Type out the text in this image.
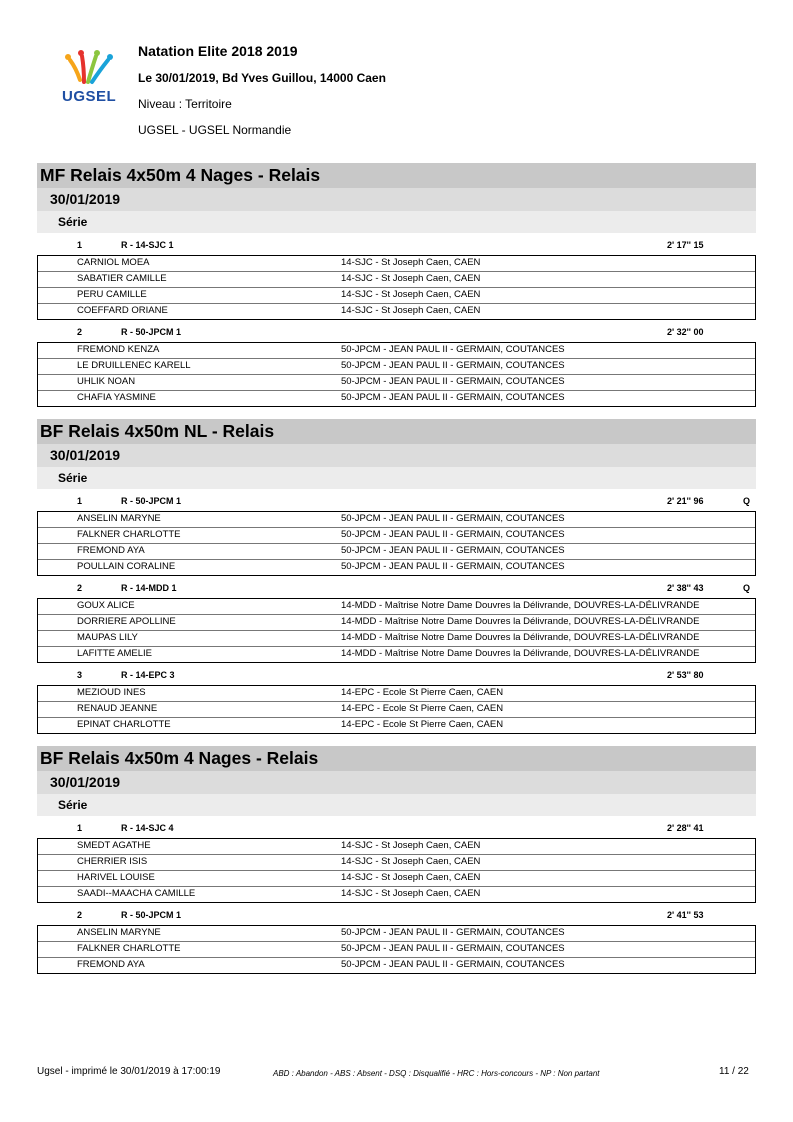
UGSEL
Natation Elite 2018 2019
Le 30/01/2019, Bd Yves Guillou, 14000 Caen
Niveau : Territoire
UGSEL - UGSEL Normandie
MF Relais 4x50m 4 Nages - Relais
30/01/2019
Série
1	R - 14-SJC 1	2' 17'' 15
CARNIOL MOEA	14-SJC - St Joseph Caen, CAEN
SABATIER CAMILLE	14-SJC - St Joseph Caen, CAEN
PERU CAMILLE	14-SJC - St Joseph Caen, CAEN
COEFFARD ORIANE	14-SJC - St Joseph Caen, CAEN
2	R - 50-JPCM 1	2' 32'' 00
FREMOND KENZA	50-JPCM - JEAN PAUL II - GERMAIN, COUTANCES
LE DRUILLENEC KARELL	50-JPCM - JEAN PAUL II - GERMAIN, COUTANCES
UHLIK NOAN	50-JPCM - JEAN PAUL II - GERMAIN, COUTANCES
CHAFIA YASMINE	50-JPCM - JEAN PAUL II - GERMAIN, COUTANCES
BF Relais 4x50m NL - Relais
30/01/2019
Série
1	R - 50-JPCM 1	2' 21'' 96	Q
ANSELIN MARYNE	50-JPCM - JEAN PAUL II - GERMAIN, COUTANCES
FALKNER CHARLOTTE	50-JPCM - JEAN PAUL II - GERMAIN, COUTANCES
FREMOND AYA	50-JPCM - JEAN PAUL II - GERMAIN, COUTANCES
POULLAIN CORALINE	50-JPCM - JEAN PAUL II - GERMAIN, COUTANCES
2	R - 14-MDD 1	2' 38'' 43	Q
GOUX ALICE	14-MDD - Maîtrise Notre Dame Douvres la Délivrande, DOUVRES-LA-DÉLIVRANDE
DORRIERE APOLLINE	14-MDD - Maîtrise Notre Dame Douvres la Délivrande, DOUVRES-LA-DÉLIVRANDE
MAUPAS LILY	14-MDD - Maîtrise Notre Dame Douvres la Délivrande, DOUVRES-LA-DÉLIVRANDE
LAFITTE AMELIE	14-MDD - Maîtrise Notre Dame Douvres la Délivrande, DOUVRES-LA-DÉLIVRANDE
3	R - 14-EPC 3	2' 53'' 80
MEZIOUD INES	14-EPC - Ecole St Pierre Caen, CAEN
RENAUD JEANNE	14-EPC - Ecole St Pierre Caen, CAEN
EPINAT CHARLOTTE	14-EPC - Ecole St Pierre Caen, CAEN
BF Relais 4x50m 4 Nages - Relais
30/01/2019
Série
1	R - 14-SJC 4	2' 28'' 41
SMEDT AGATHE	14-SJC - St Joseph Caen, CAEN
CHERRIER ISIS	14-SJC - St Joseph Caen, CAEN
HARIVEL LOUISE	14-SJC - St Joseph Caen, CAEN
SAADI--MAACHA CAMILLE	14-SJC - St Joseph Caen, CAEN
2	R - 50-JPCM 1	2' 41'' 53
ANSELIN MARYNE	50-JPCM - JEAN PAUL II - GERMAIN, COUTANCES
FALKNER CHARLOTTE	50-JPCM - JEAN PAUL II - GERMAIN, COUTANCES
FREMOND AYA	50-JPCM - JEAN PAUL II - GERMAIN, COUTANCES
Ugsel - imprimé le 30/01/2019 à 17:00:19	ABD : Abandon - ABS : Absent - DSQ : Disqualifié - HRC : Hors-concours - NP : Non partant	11 / 22
